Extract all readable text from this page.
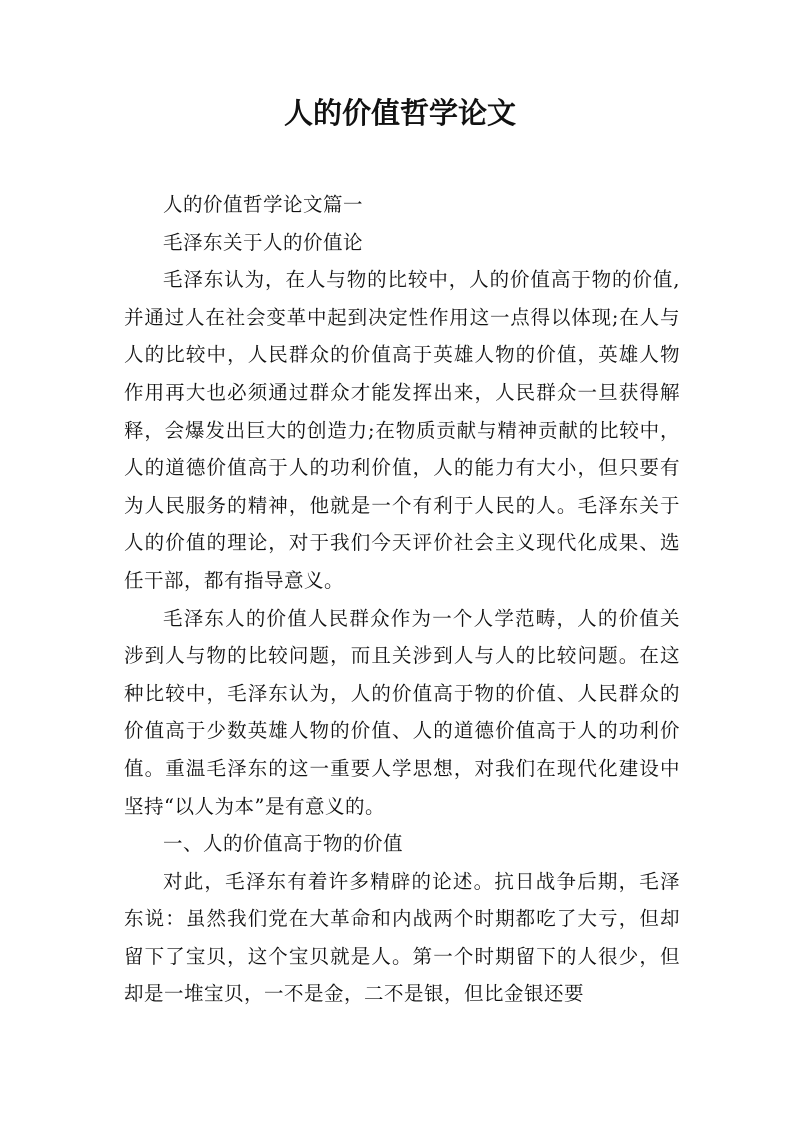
人的价值哲学论文

人的价值哲学论文篇一

毛泽东关于人的价值论

毛泽东认为，在人与物的比较中，人的价值高于物的价值,并通过人在社会变革中起到决定性作用这一点得以体现;在人与人的比较中，人民群众的价值高于英雄人物的价值，英雄人物作用再大也必须通过群众才能发挥出来，人民群众一旦获得解释，会爆发出巨大的创造力;在物质贡献与精神贡献的比较中，人的道德价值高于人的功利价值，人的能力有大小，但只要有为人民服务的精神，他就是一个有利于人民的人。毛泽东关于人的价值的理论，对于我们今天评价社会主义现代化成果、选任干部，都有指导意义。

毛泽东人的价值人民群众作为一个人学范畴，人的价值关涉到人与物的比较问题，而且关涉到人与人的比较问题。在这种比较中，毛泽东认为，人的价值高于物的价值、人民群众的价值高于少数英雄人物的价值、人的道德价值高于人的功利价值。重温毛泽东的这一重要人学思想，对我们在现代化建设中坚持“以人为本”是有意义的。

一、人的价值高于物的价值

对此，毛泽东有着许多精辟的论述。抗日战争后期，毛泽东说：虽然我们党在大革命和内战两个时期都吃了大亏，但却留下了宝贝，这个宝贝就是人。第一个时期留下的人很少，但却是一堆宝贝，一不是金，二不是银，但比金银还要
